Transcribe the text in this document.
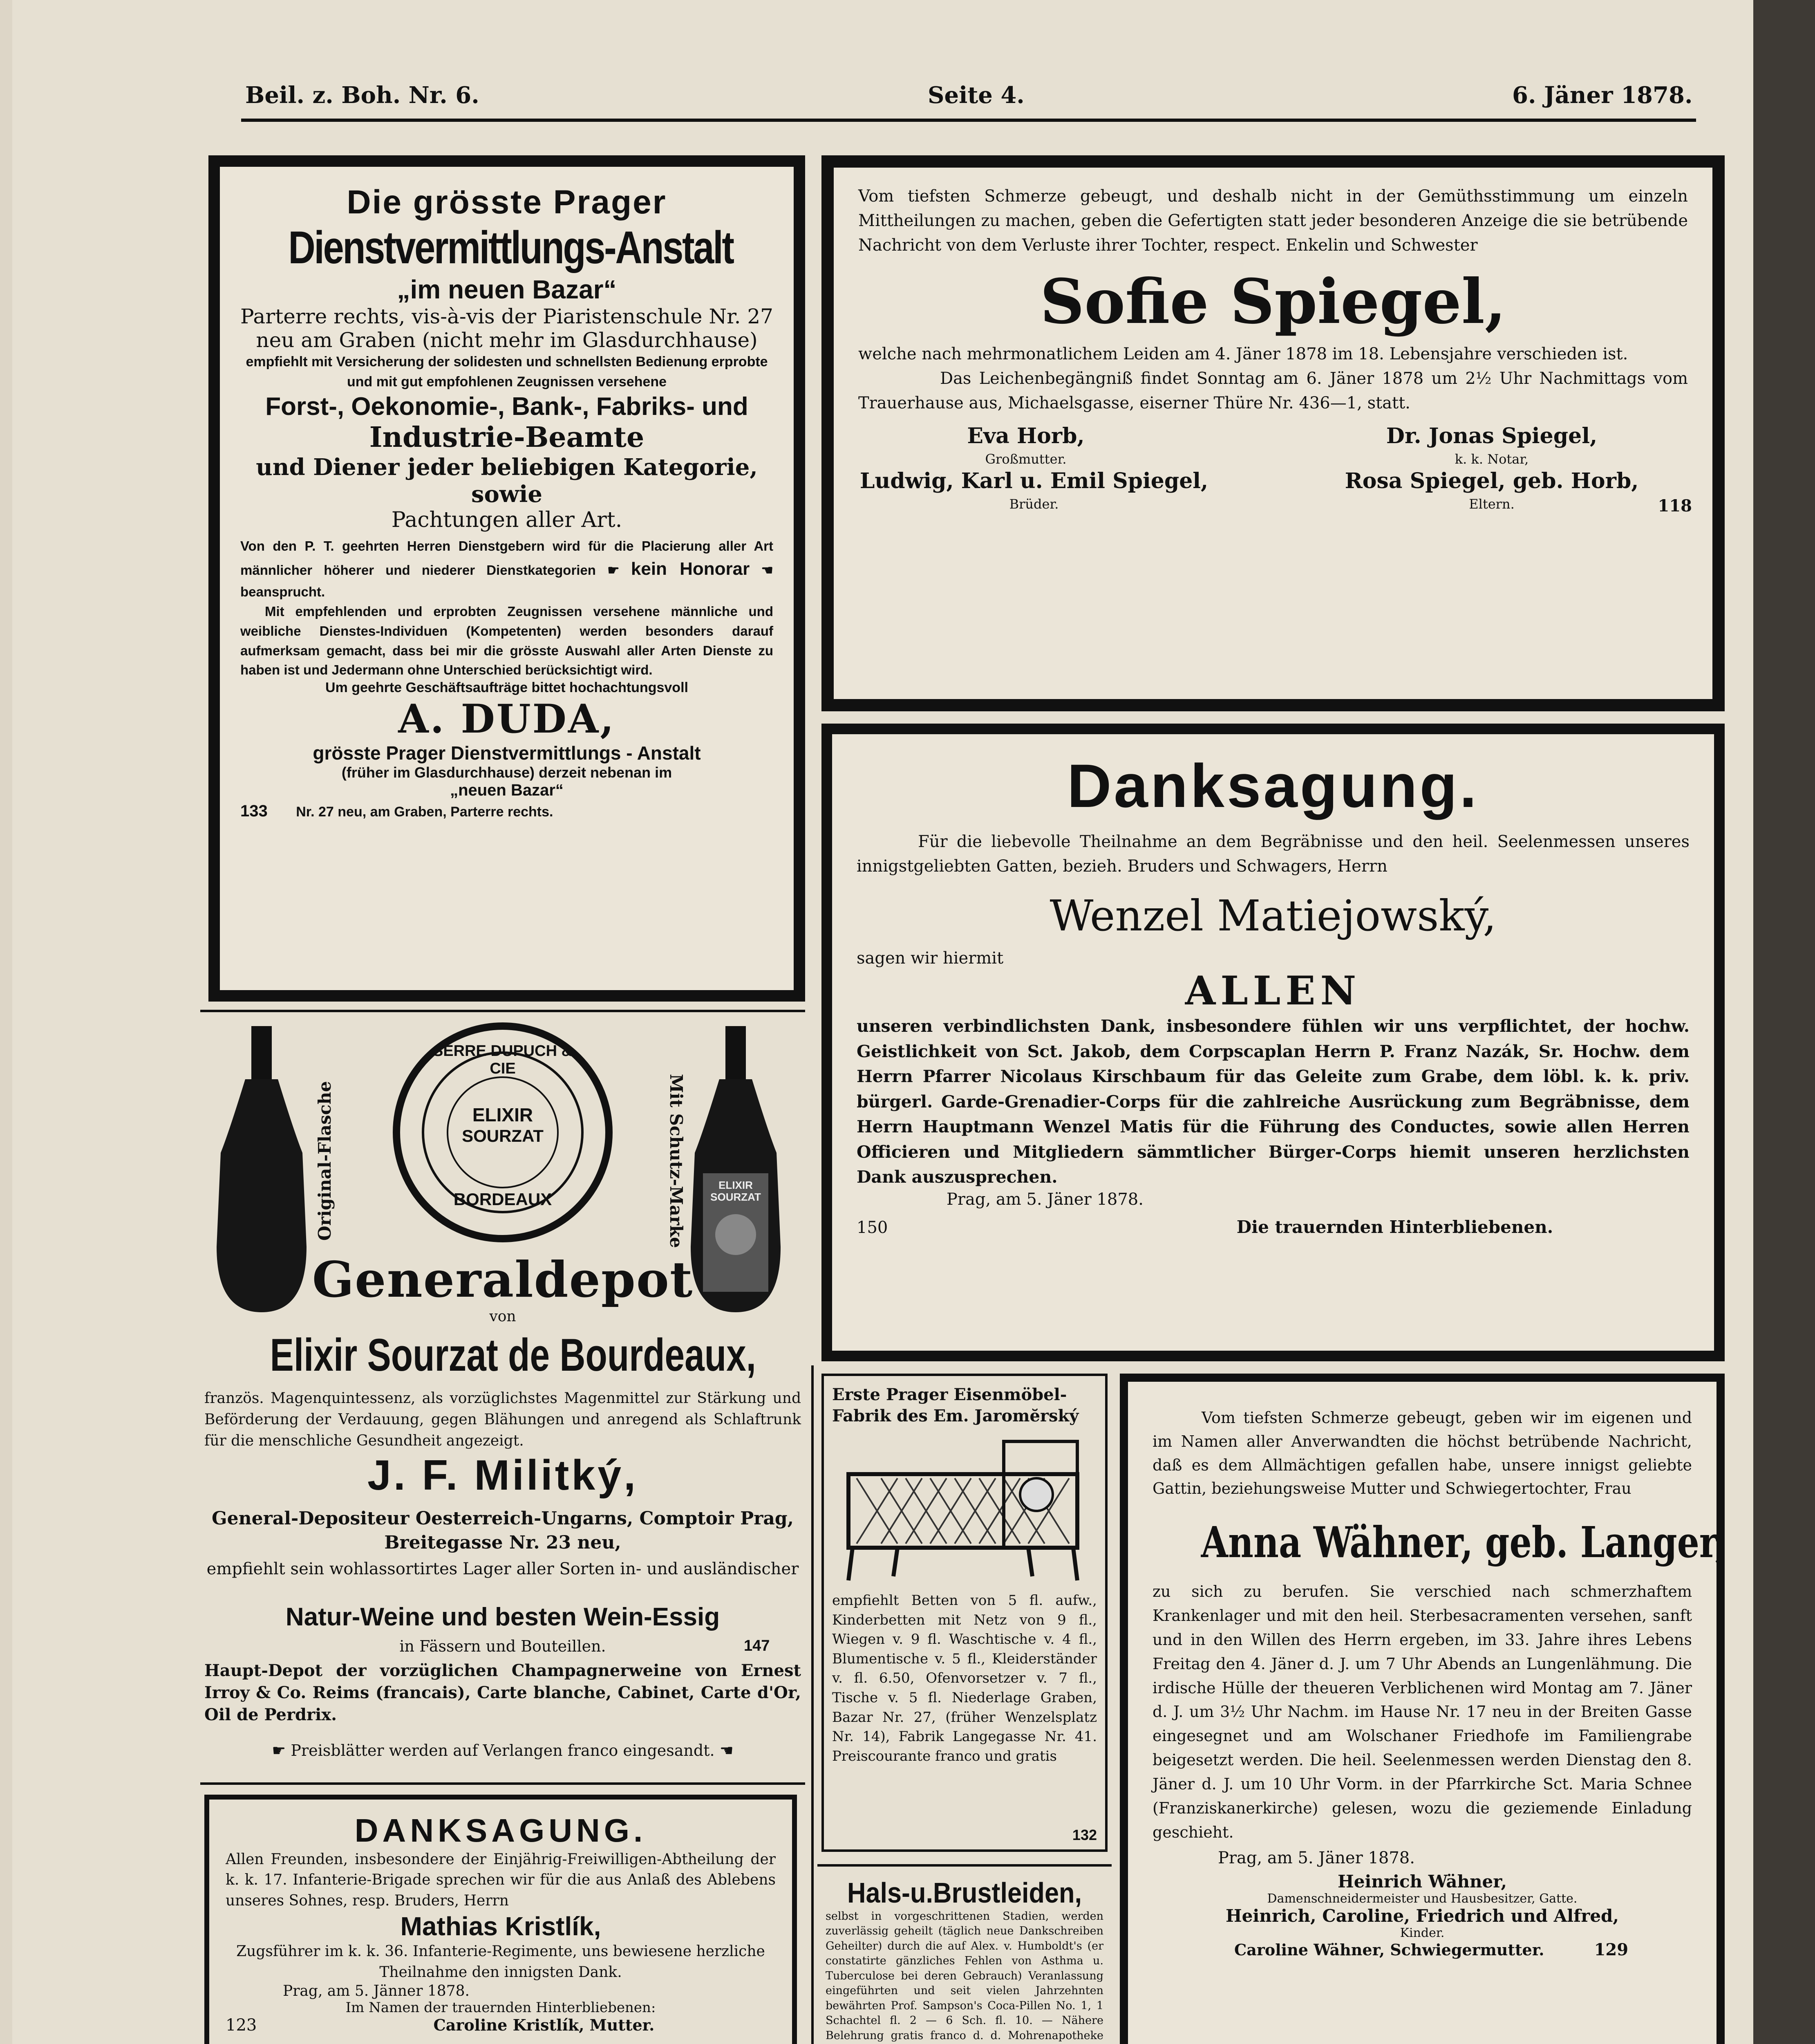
Beil. z. Boh. Nr. 6.	Seite 4.	6. Jäner 1878.
Die grösste Prager
Dienstvermittlungs-Anstalt
„im neuen Bazar“
Parterre rechts, vis-à-vis der Piaristenschule Nr. 27
neu am Graben (nicht mehr im Glasdurchhause)
empfiehlt mit Versicherung der solidesten und schnellsten Bedienung erprobte und mit gut empfohlenen Zeugnissen versehene
Forst-, Oekonomie-, Bank-, Fabriks- und
Industrie-Beamte
und Diener jeder beliebigen Kategorie, sowie
Pachtungen aller Art.
Von den P. T. geehrten Herren Dienstgebern wird für die Placierung aller Art männlicher höherer und niederer Dienstkategorien ☛ kein Honorar ☚ beansprucht.
Mit empfehlenden und erprobten Zeugnissen versehene männliche und weibliche Dienstes-Individuen (Kompetenten) werden besonders darauf aufmerksam gemacht, dass bei mir die grösste Auswahl aller Arten Dienste zu haben ist und Jedermann ohne Unterschied berücksichtigt wird.
Um geehrte Geschäftsaufträge bittet hochachtungsvoll
A. DUDA,
grösste Prager Dienstvermittlungs - Anstalt
(früher im Glasdurchhause) derzeit nebenan im
„neuen Bazar“
133 Nr. 27 neu, am Graben, Parterre rechts.
SERRE DUPUCH & CIE
ELIXIR
SOURZAT
BORDEAUX
ELIXIR SOURZAT
Original-Flasche	Mit Schutz-Marke
Generaldepot
von
Elixir Sourzat de Bourdeaux,
französ. Magenquintessenz, als vorzüglichstes Magenmittel zur Stärkung und Beförderung der Verdauung, gegen Blähungen und anregend als Schlaftrunk für die menschliche Gesundheit angezeigt.
J. F. Militký,
General-Depositeur Oesterreich-Ungarns, Comptoir Prag, Breitegasse Nr. 23 neu,
empfiehlt sein wohlassortirtes Lager aller Sorten in- und ausländischer
Natur-Weine und besten Wein-Essig
in Fässern und Bouteillen.	147
Haupt-Depot der vorzüglichen Champagnerweine von Ernest Irroy & Co. Reims (francais), Carte blanche, Cabinet, Carte d'Or, Oil de Perdrix.
☛ Preisblätter werden auf Verlangen franco eingesandt. ☚
DANKSAGUNG.
Allen Freunden, insbesondere der Einjährig-Freiwilligen-Abtheilung der k. k. 17. Infanterie-Brigade sprechen wir für die aus Anlaß des Ablebens unseres Sohnes, resp. Bruders, Herrn
Mathias Kristlík,
Zugsführer im k. k. 36. Infanterie-Regimente, uns bewiesene herzliche Theilnahme den innigsten Dank.
Prag, am 5. Jänner 1878.
Im Namen der trauernden Hinterbliebenen:
123	Caroline Kristlík, Mutter.
Vom tiefsten Schmerze gebeugt, und deshalb nicht in der Gemüthsstimmung um einzeln Mittheilungen zu machen, geben die Gefertigten statt jeder besonderen Anzeige die sie betrübende Nachricht von dem Verluste ihrer Tochter, respect. Enkelin und Schwester
Sofie Spiegel,
welche nach mehrmonatlichem Leiden am 4. Jäner 1878 im 18. Lebensjahre verschieden ist.
Das Leichenbegängniß findet Sonntag am 6. Jäner 1878 um 2½ Uhr Nachmittags vom Trauerhause aus, Michaelsgasse, eiserner Thüre Nr. 436—1, statt.
Eva Horb,
Großmutter.
Dr. Jonas Spiegel,
k. k. Notar,
Ludwig, Karl u. Emil Spiegel,
Brüder.
Rosa Spiegel, geb. Horb,
Eltern.	118
Danksagung.
Für die liebevolle Theilnahme an dem Begräbnisse und den heil. Seelenmessen unseres innigstgeliebten Gatten, bezieh. Bruders und Schwagers, Herrn
Wenzel Matiejowský,
sagen wir hiermit
ALLEN
unseren verbindlichsten Dank, insbesondere fühlen wir uns verpflichtet, der hochw. Geistlichkeit von Sct. Jakob, dem Corpscaplan Herrn P. Franz Nazák, Sr. Hochw. dem Herrn Pfarrer Nicolaus Kirschbaum für das Geleite zum Grabe, dem löbl. k. k. priv. bürgerl. Garde-Grenadier-Corps für die zahlreiche Ausrückung zum Begräbnisse, dem Herrn Hauptmann Wenzel Matis für die Führung des Conductes, sowie allen Herren Officieren und Mitgliedern sämmtlicher Bürger-Corps hiemit unseren herzlichsten Dank auszusprechen.
Prag, am 5. Jäner 1878.
150	Die trauernden Hinterbliebenen.
Erste Prager Eisenmöbel-Fabrik des Em. Jaromĕrský
empfiehlt Betten von 5 fl. aufw., Kinderbetten mit Netz von 9 fl., Wiegen v. 9 fl. Waschtische v. 4 fl., Blumentische v. 5 fl., Kleiderständer v. fl. 6.50, Ofenvorsetzer v. 7 fl., Tische v. 5 fl. Niederlage Graben, Bazar Nr. 27, (früher Wenzelsplatz Nr. 14), Fabrik Langegasse Nr. 41. Preiscourante franco und gratis
132
Hals-u.Brustleiden,
selbst in vorgeschrittenen Stadien, werden zuverlässig geheilt (täglich neue Dankschreiben Geheilter) durch die auf Alex. v. Humboldt's (er constatirte gänzliches Fehlen von Asthma u. Tuberculose bei deren Gebrauch) Veranlassung eingeführten und seit vielen Jahrzehnten bewährten Prof. Sampson's Coca-Pillen No. 1, 1 Schachtel fl. 2 — 6 Sch. fl. 10. — Nähere Belehrung gratis franco d. d. Mohrenapotheke
Vom tiefsten Schmerze gebeugt, geben wir im eigenen und im Namen aller Anverwandten die höchst betrübende Nachricht, daß es dem Allmächtigen gefallen habe, unsere innigst geliebte Gattin, beziehungsweise Mutter und Schwiegertochter, Frau
Anna Wähner, geb. Langer,
zu sich zu berufen. Sie verschied nach schmerzhaftem Krankenlager und mit den heil. Sterbesacramenten versehen, sanft und in den Willen des Herrn ergeben, im 33. Jahre ihres Lebens Freitag den 4. Jäner d. J. um 7 Uhr Abends an Lungenlähmung. Die irdische Hülle der theueren Verblichenen wird Montag am 7. Jäner d. J. um 3½ Uhr Nachm. im Hause Nr. 17 neu in der Breiten Gasse eingesegnet und am Wolschaner Friedhofe im Familiengrabe beigesetzt werden. Die heil. Seelenmessen werden Dienstag den 8. Jäner d. J. um 10 Uhr Vorm. in der Pfarrkirche Sct. Maria Schnee (Franziskanerkirche) gelesen, wozu die geziemende Einladung geschieht.
Prag, am 5. Jäner 1878.
Heinrich Wähner,
Damenschneidermeister und Hausbesitzer, Gatte.
Heinrich, Caroline, Friedrich und Alfred,
Kinder.
Caroline Wähner, Schwiegermutter.	129
